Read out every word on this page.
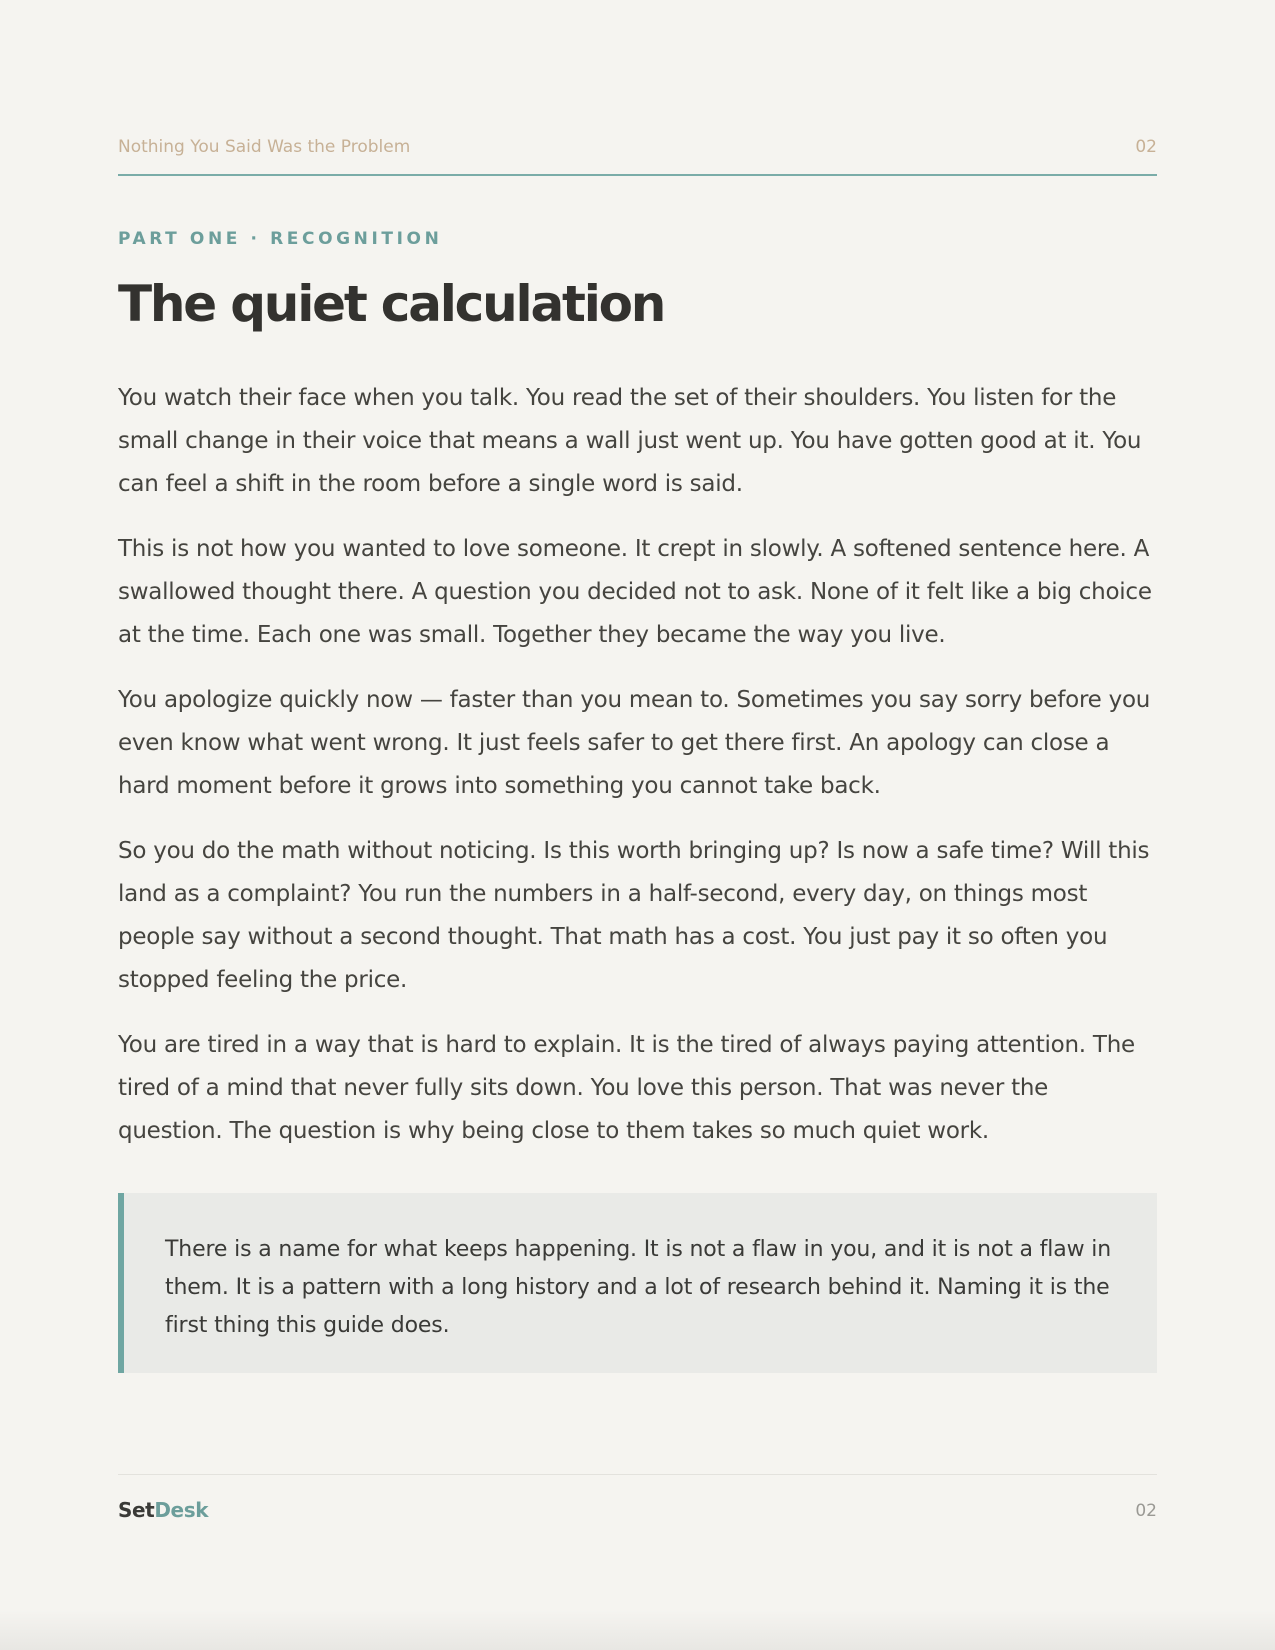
Nothing You Said Was the Problem	02
PART ONE · RECOGNITION
The quiet calculation

You watch their face when you talk. You read the set of their shoulders. You listen for the small change in their voice that means a wall just went up. You have gotten good at it. You can feel a shift in the room before a single word is said.

This is not how you wanted to love someone. It crept in slowly. A softened sentence here. A swallowed thought there. A question you decided not to ask. None of it felt like a big choice at the time. Each one was small. Together they became the way you live.

You apologize quickly now — faster than you mean to. Sometimes you say sorry before you even know what went wrong. It just feels safer to get there first. An apology can close a hard moment before it grows into something you cannot take back.

So you do the math without noticing. Is this worth bringing up? Is now a safe time? Will this land as a complaint? You run the numbers in a half-second, every day, on things most people say without a second thought. That math has a cost. You just pay it so often you stopped feeling the price.

You are tired in a way that is hard to explain. It is the tired of always paying attention. The tired of a mind that never fully sits down. You love this person. That was never the question. The question is why being close to them takes so much quiet work.

There is a name for what keeps happening. It is not a flaw in you, and it is not a flaw in them. It is a pattern with a long history and a lot of research behind it. Naming it is the first thing this guide does.

SetDesk	02
